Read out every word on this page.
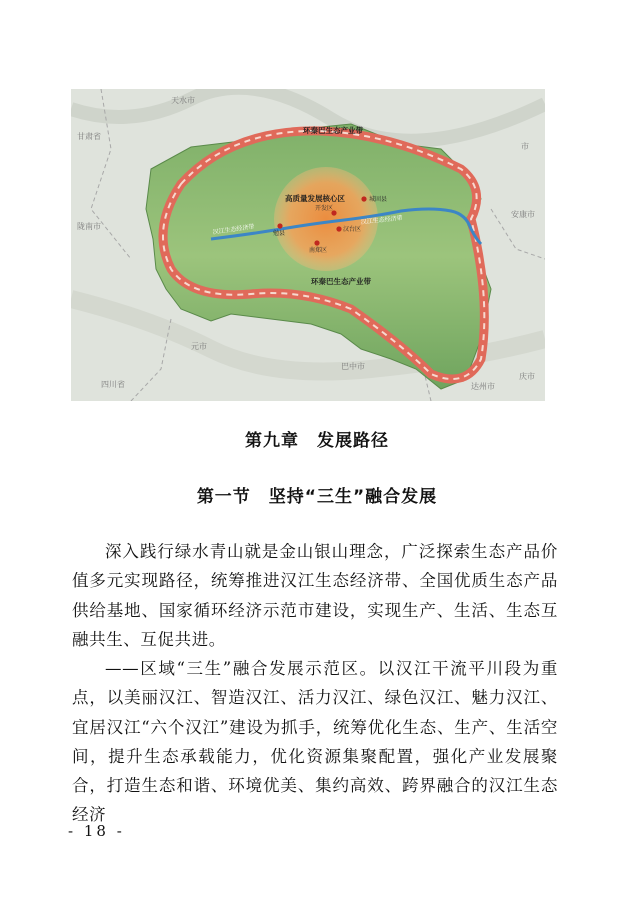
天水市
甘肃省
陇南市
元市
四川省
巴中市
安康市
达州市
市
庆市
环秦巴生态产业带
环秦巴生态产业带
高质量发展核心区
汉江生态经济带
汉江生态经济带
开发区
汉台区
南郑区
勉县
城固县
第九章　发展路径
第一节　坚持“三生”融合发展

深入践行绿水青山就是金山银山理念，广泛探索生态产品价值多元实现路径，统筹推进汉江生态经济带、全国优质生态产品供给基地、国家循环经济示范市建设，实现生产、生活、生态互融共生、互促共进。

——区域“三生”融合发展示范区。以汉江干流平川段为重点，以美丽汉江、智造汉江、活力汉江、绿色汉江、魅力汉江、宜居汉江“六个汉江”建设为抓手，统筹优化生态、生产、生活空间，提升生态承载能力，优化资源集聚配置，强化产业发展聚合，打造生态和谐、环境优美、集约高效、跨界融合的汉江生态经济

- 18 -
